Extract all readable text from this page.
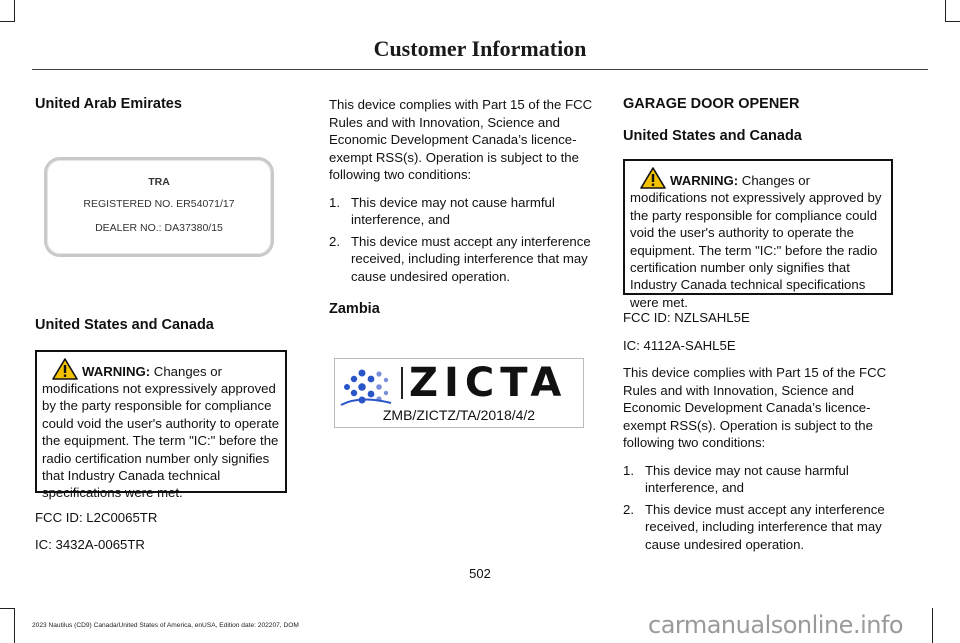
Customer Information
United Arab Emirates
TRA
REGISTERED NO. ER54071/17
DEALER NO.: DA37380/15
United States and Canada
WARNING: Changes or modifications not expressively approved by the party responsible for compliance could void the user's authority to operate the equipment. The term "IC:" before the radio certification number only signifies that Industry Canada technical specifications were met.

FCC ID: L2C0065TR

IC: 3432A-0065TR

This device complies with Part 15 of the FCC Rules and with Innovation, Science and Economic Development Canada’s licence-exempt RSS(s). Operation is subject to the following two conditions:

1. This device may not cause harmful interference, and
2. This device must accept any interference received, including interference that may cause undesired operation.
Zambia
ZICTA
ZMB/ZICTZ/TA/2018/4/2
GARAGE DOOR OPENER
United States and Canada
WARNING: Changes or modifications not expressively approved by the party responsible for compliance could void the user's authority to operate the equipment. The term "IC:" before the radio certification number only signifies that Industry Canada technical specifications were met.

FCC ID: NZLSAHL5E

IC: 4112A-SAHL5E

This device complies with Part 15 of the FCC Rules and with Innovation, Science and Economic Development Canada’s licence-exempt RSS(s). Operation is subject to the following two conditions:

1. This device may not cause harmful interference, and
2. This device must accept any interference received, including interference that may cause undesired operation.
502
2023 Nautilus (CD9) Canada/United States of America, enUSA, Edition date: 202207, DOM	carmanualsonline.info
